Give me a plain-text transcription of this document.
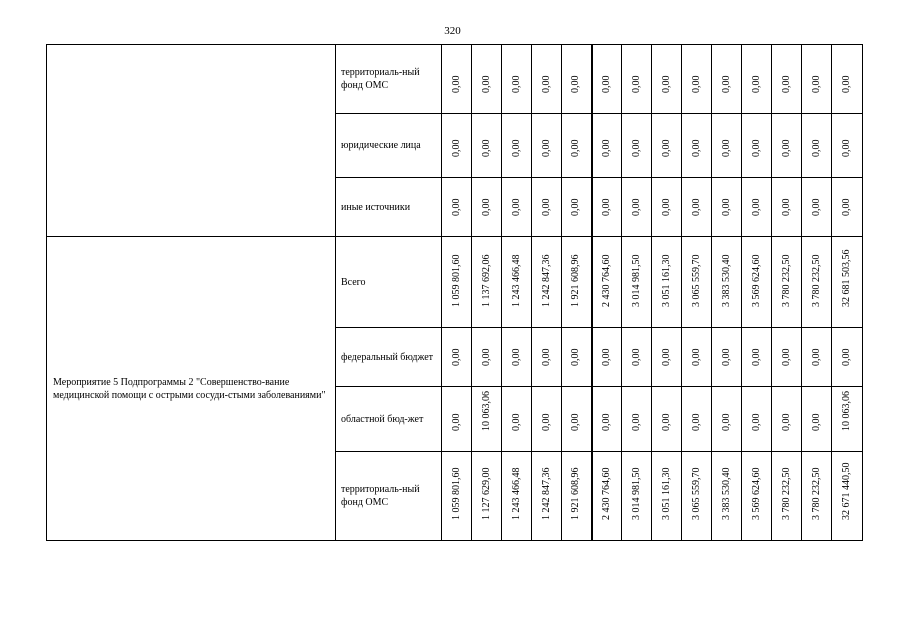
320
	территориаль-ный фонд ОМС	0,00	0,00	0,00	0,00	0,00	0,00	0,00	0,00	0,00	0,00	0,00	0,00	0,00	0,00

	юридические лица	0,00	0,00	0,00	0,00	0,00	0,00	0,00	0,00	0,00	0,00	0,00	0,00	0,00	0,00

	иные источники	0,00	0,00	0,00	0,00	0,00	0,00	0,00	0,00	0,00	0,00	0,00	0,00	0,00	0,00

Мероприятие 5 Подпрограммы 2 "Совершенство-вание медицинской помощи с острыми сосуди-стыми заболеваниями"	Всего	1 059 801,60	1 137 692,06	1 243 466,48	1 242 847,36	1 921 608,96	2 430 764,60	3 014 981,50	3 051 161,30	3 065 559,70	3 383 530,40	3 569 624,60	3 780 232,50	3 780 232,50	32 681 503,56

	федеральный бюджет	0,00	0,00	0,00	0,00	0,00	0,00	0,00	0,00	0,00	0,00	0,00	0,00	0,00	0,00

	областной бюд-жет	0,00	10 063,06	0,00	0,00	0,00	0,00	0,00	0,00	0,00	0,00	0,00	0,00	0,00	10 063,06

	территориаль-ный фонд ОМС	1 059 801,60	1 127 629,00	1 243 466,48	1 242 847,36	1 921 608,96	2 430 764,60	3 014 981,50	3 051 161,30	3 065 559,70	3 383 530,40	3 569 624,60	3 780 232,50	3 780 232,50	32 671 440,50
